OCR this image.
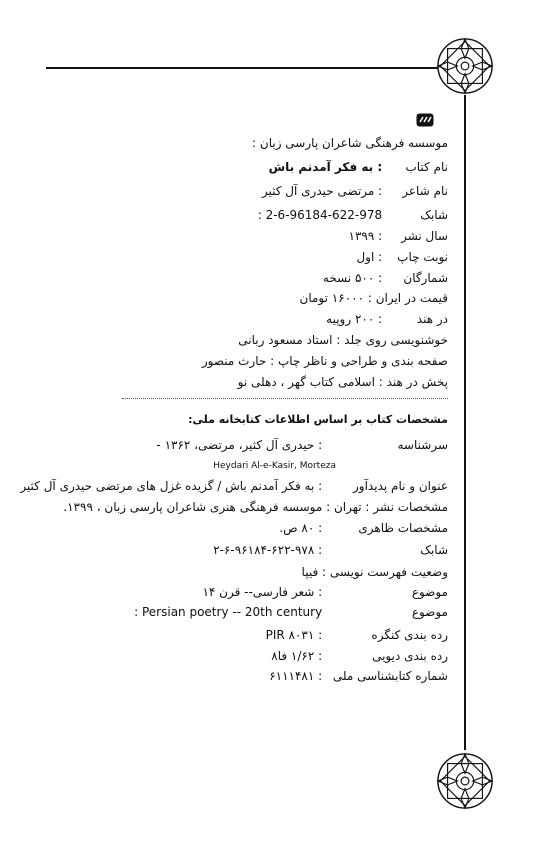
موسسه فرهنگی شاعران پارسی زبان :
نام کتاب : به فکر آمدنم باش
نام شاعر : مرتضی حیدری آل کثیر
شابک : 2-6-96184-622-978
سال نشر : ۱۳۹۹
نوبت چاپ : اول
شمارگان : ۵۰۰ نسخه
قیمت در ایران : ۱۶۰۰۰ تومان
در هند : ۲۰۰ روپیه
خوشنویسی روی جلد : استاد مسعود ربانی
صفحه بندی و طراحی و ناظر چاپ : حارث منصور
پخش در هند : اسلامی کتاب گهر ، دهلی نو
مشخصات کتاب بر اساس اطلاعات کتابخانه ملی:
سرشناسه : حیدری آل کثیر، مرتضی، ۱۳۶۲ -
Heydari Al-e-Kasir, Morteza
عنوان و نام پدیدآور : به فکر آمدنم باش / گزیده غزل های مرتضی حیدری آل کثیر
مشخصات نشر : تهران : موسسه فرهنگی هنری شاعران پارسی زبان ، ۱۳۹۹.
مشخصات ظاهری : ۸۰ ص.
شابک : ۲-۶-۹۶۱۸۴-۶۲۲-۹۷۸
وضعیت فهرست نویسی : فیپا
موضوع : شعر فارسی-- قرن ۱۴
موضوع : Persian poetry -- 20th century
رده بندی کنگره : PIR ۸۰۳۱
رده بندی دیویی : ۱/۶۲ فا۸
شماره کتابشناسی ملی : ۶۱۱۱۴۸۱
